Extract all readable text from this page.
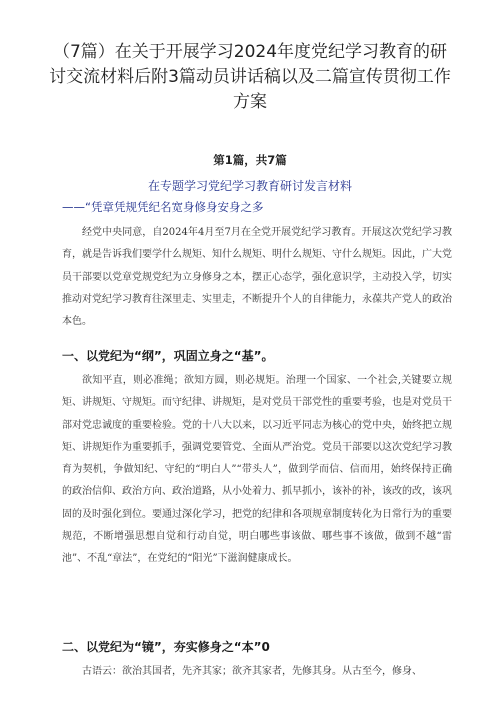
（7篇）在关于开展学习2024年度党纪学习教育的研讨交流材料后附3篇动员讲话稿以及二篇宣传贯彻工作方案
第1篇，共7篇
在专题学习党纪学习教育研讨发言材料
——“凭章凭规凭纪名宽身修身安身之多

经党中央同意，自2024年4月至7月在全党开展党纪学习教育。开展这次党纪学习教育，就是告诉我们要学什么规矩、知什么规矩、明什么规矩、守什么规矩。因此，广大党员干部要以党章党规党纪为立身修身之本，摆正心态学，强化意识学，主动投入学，切实推动对党纪学习教育往深里走、实里走，不断提升个人的自律能力，永葆共产党人的政治本色。

一、以党纪为“纲”，巩固立身之“基”。

欲知平直，则必准绳；欲知方圆，则必规矩。治理一个国家、一个社会,关键要立规矩、讲规矩、守规矩。而守纪律、讲规矩，是对党员干部党性的重要考验，也是对党员干部对党忠诚度的重要检验。党的十八大以来，以习近平同志为核心的党中央，始终把立规矩、讲规矩作为重要抓手，强调党要管党、全面从严治党。党员干部要以这次党纪学习教育为契机，争做知纪、守纪的“明白人”“带头人”，做到学而信、信而用，始终保持正确的政治信仰、政治方向、政治道路，从小处着力、抓早抓小，该补的补，该改的改，该巩固的及时强化到位。要通过深化学习，把党的纪律和各项规章制度转化为日常行为的重要规范，不断增强思想自觉和行动自觉，明白哪些事该做、哪些事不该做，做到不越“雷池”、不乱“章法”，在党纪的“阳光”下滋润健康成长。

二、以党纪为“镜”，夯实修身之“本”0

古语云：欲治其国者，先齐其家；欲齐其家者，先修其身。从古至今，修身、
